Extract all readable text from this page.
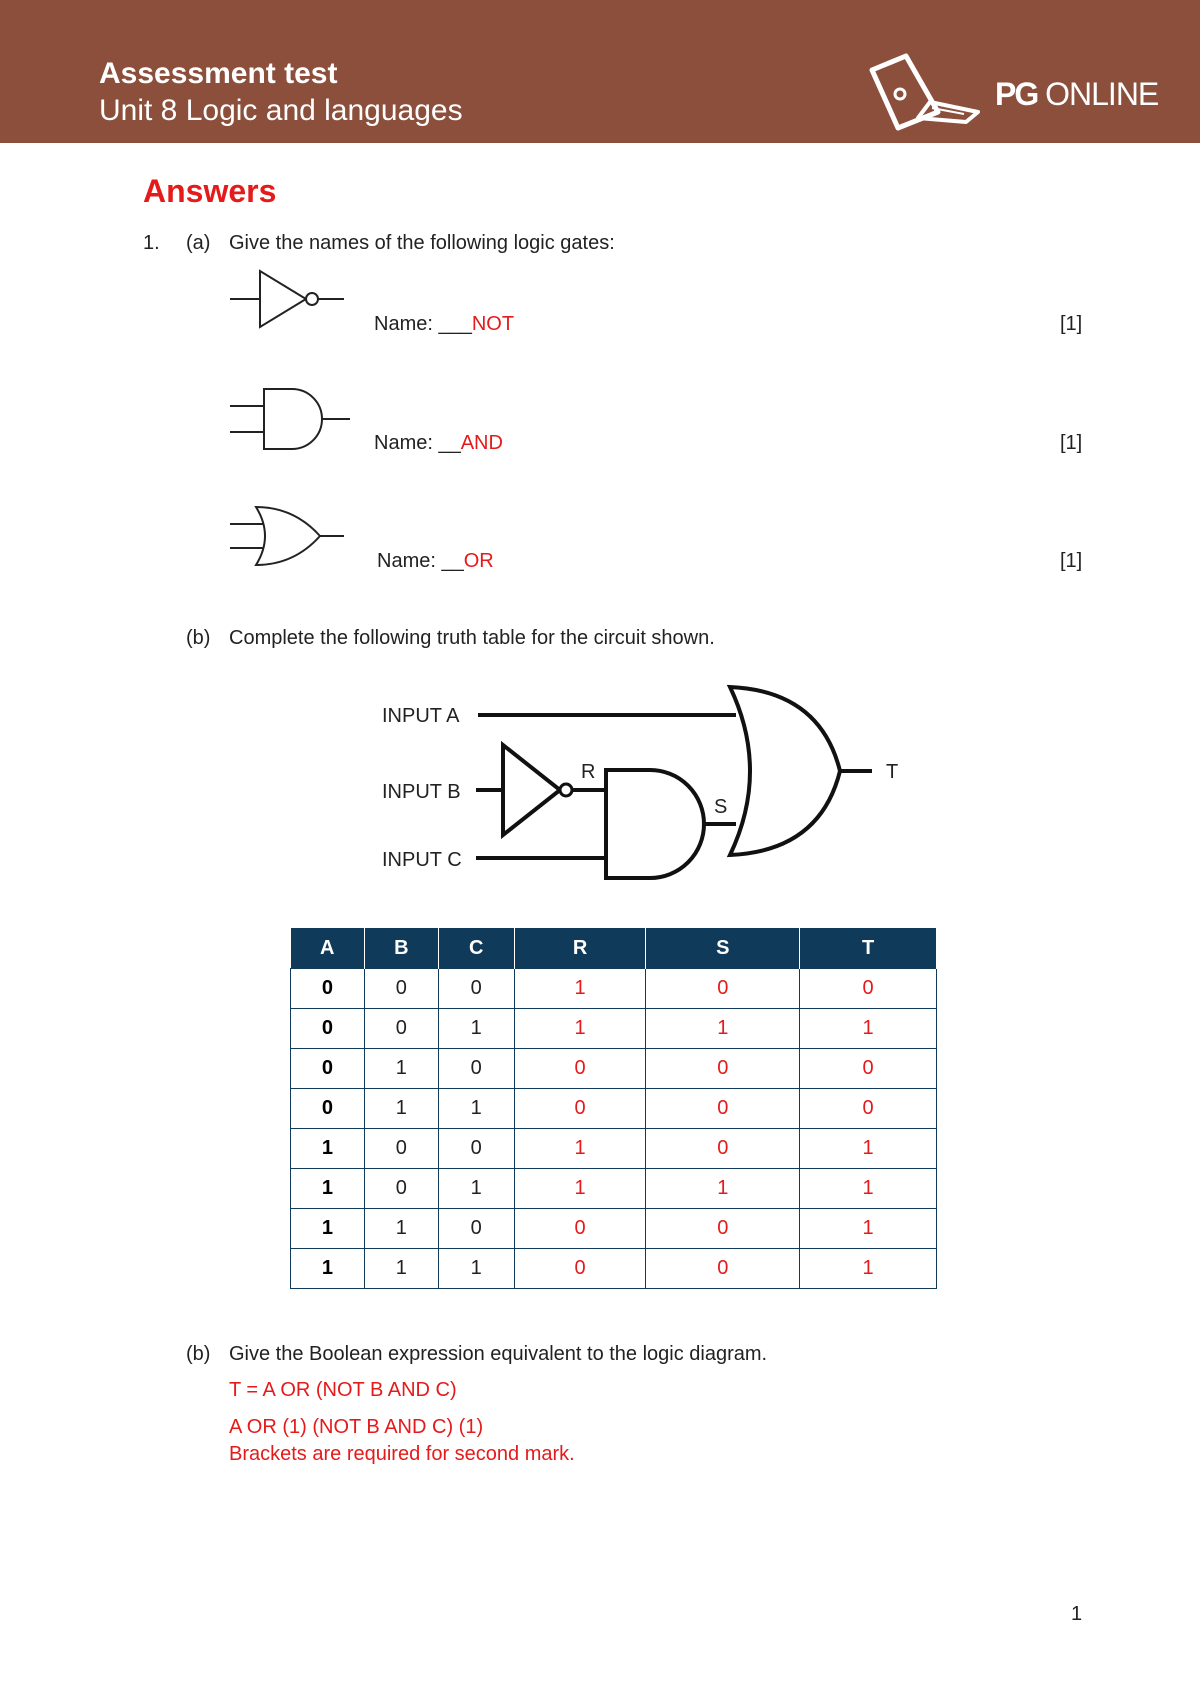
Assessment test
Unit 8 Logic and languages	PG ONLINE
Answers
1. (a) Give the names of the following logic gates:
Name: ___NOT	[1]
Name: __AND	[1]
Name: __OR	[1]
(b) Complete the following truth table for the circuit shown.
INPUT A
INPUT B
R
INPUT C
S
T
A	B	C	R	S	T
0	0	0	1	0	0
0	0	1	1	1	1
0	1	0	0	0	0
0	1	1	0	0	0
1	0	0	1	0	1
1	0	1	1	1	1
1	1	0	0	0	1
1	1	1	0	0	1
(b) Give the Boolean expression equivalent to the logic diagram.
T = A OR (NOT B AND C)
A OR (1) (NOT B AND C) (1)
Brackets are required for second mark.
1
